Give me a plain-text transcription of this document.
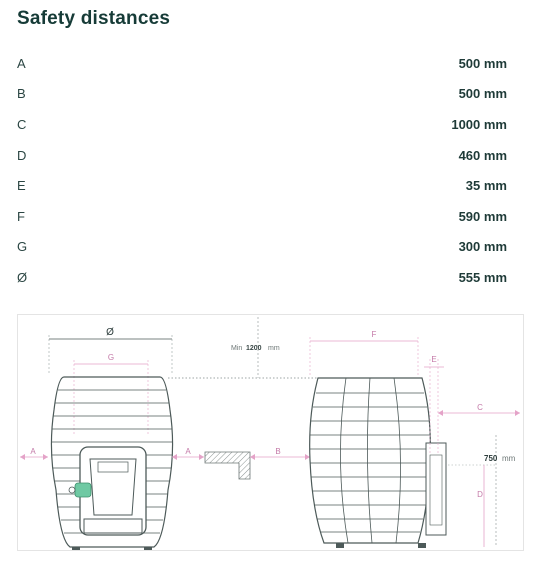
Safety distances
A	500 mm
B	500 mm
C	1000 mm
D	460 mm
E	35 mm
F	590 mm
G	300 mm
Ø	555 mm
Ø
G
A
Min 1200 mm
A	B
F
E
C
750 mm
D
